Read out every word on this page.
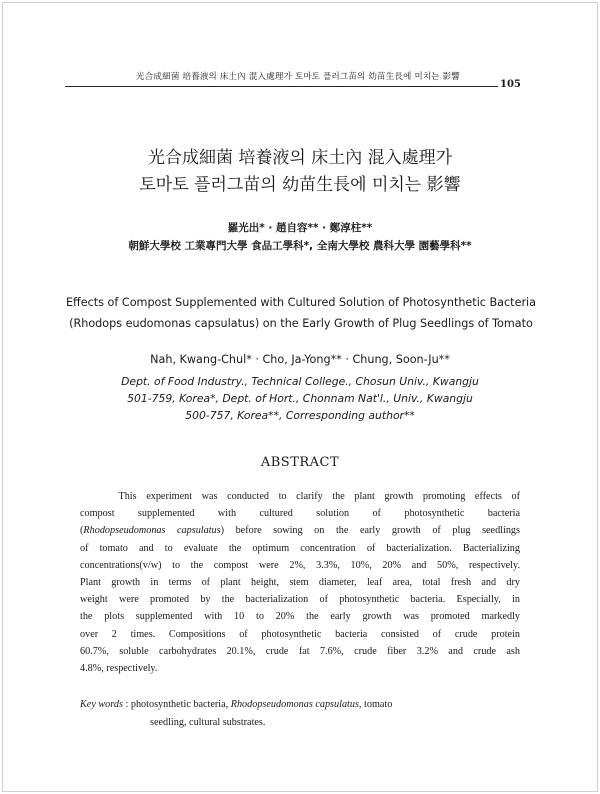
光合成細菌 培養液의 床土內 混入處理가 토마토 플러그苗의 幼苗生長에 미치는 影響
105
光合成細菌 培養液의 床土內 混入處理가
토마토 플러그苗의 幼苗生長에 미치는 影響
羅光出* · 趙自容** · 鄭淳柱**
朝鮮大學校 工業專門大學 食品工學科*, 全南大學校 農科大學 園藝學科**
Effects of Compost Supplemented with Cultured Solution of Photosynthetic Bacteria
(Rhodops eudomonas capsulatus) on the Early Growth of Plug Seedlings of Tomato
Nah, Kwang-Chul* · Cho, Ja-Yong** · Chung, Soon-Ju**
Dept. of Food Industry., Technical College., Chosun Univ., Kwangju
501-759, Korea*, Dept. of Hort., Chonnam Nat'l., Univ., Kwangju
500-757, Korea**, Corresponding author**
ABSTRACT
This experiment was conducted to clarify the plant growth promoting effects of
compost supplemented with cultured solution of photosynthetic bacteria
(Rhodopseudomonas capsulatus) before sowing on the early growth of plug seedlings
of tomato and to evaluate the optimum concentration of bacterialization. Bacterializing
concentrations(v/w) to the compost were 2%, 3.3%, 10%, 20% and 50%, respectively.
Plant growth in terms of plant height, stem diameter, leaf area, total fresh and dry
weight were promoted by the bacterialization of photosynthetic bacteria. Especially, in
the plots supplemented with 10 to 20% the early growth was promoted markedly
over 2 times. Compositions of photosynthetic bacteria consisted of crude protein
60.7%, soluble carbohydrates 20.1%, crude fat 7.6%, crude fiber 3.2% and crude ash
4.8%, respectively.
Key words : photosynthetic bacteria, Rhodopseudomonas capsulatus, tomato
seedling, cultural substrates.
